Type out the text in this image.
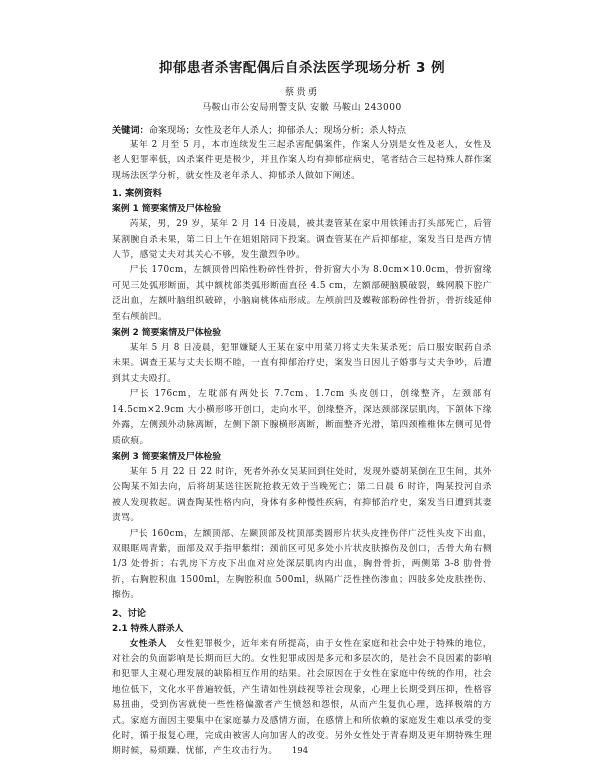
抑郁患者杀害配偶后自杀法医学现场分析 3 例
蔡贵勇
马鞍山市公安局刑警支队 安徽 马鞍山 243000

关键词：命案现场；女性及老年人杀人；抑郁杀人；现场分析；杀人特点

某年 2 月至 5 月，本市连续发生三起杀害配偶案件，作案人分别是女性及老人，女性及老人犯罪率低，凶杀案件更是极少，并且作案人均有抑郁症病史，笔者结合三起特殊人群作案现场法医学分析，就女性及老年杀人、抑郁杀人做如下阐述。

1. 案例资料
案例 1 简要案情及尸体检验

芮某，男，29 岁，某年 2 月 14 日凌晨，被其妻管某在家中用铁锤击打头部死亡，后管某割腕自杀未果，第二日上午在姐姐陪同下投案。调查管某在产后抑郁症，案发当日是西方情人节，感觉丈夫对其关心不够，发生激烈争吵。

尸长 170cm，左额顶骨凹陷性粉碎性骨折，骨折窗大小为 8.0cm×10.0cm，骨折窗缘可见三处弧形断面，其中额枕部类弧形断面直径 4.5 cm，左额部硬脑膜破裂，蛛网膜下腔广泛出血，左额叶脑组织破碎，小脑扁桃体疝形成。左颅前凹及蝶鞍部粉碎性骨折，骨折线延伸至右颅前凹。

案例 2 简要案情及尸体检验

某年 5 月 8 日凌晨，犯罪嫌疑人王某在家中用菜刀将丈夫朱某杀死；后口服安眠药自杀未果。调查王某与丈夫长期不睦，一直有抑郁治疗史，案发当日因儿子婚事与丈夫争吵，后遭到其丈夫殴打。

尸长 176cm，左耽部有两处长 7.7cm、1.7cm 头皮创口，创缘整齐，左颈部有 14.5cm×2.9cm 大小横形哆开创口，走向水平，创缘整齐，深达颈部深层肌肉，下颌体下缘外露，左侧颈外动脉离断，左侧下颌下腺横形离断，断面整齐光滑，第四颈椎椎体左侧可见骨质砍痕。

案例 3 简要案情及尸体检验

某年 5 月 22 日 22 时许，死者外孙女吴某回到住处时，发现外婆胡某倒在卫生间，其外公陶某不知去向，后将胡某送往医院抢救无效于当晚死亡；第二日晨 6 时许，陶某投河自杀被人发现救起。调查陶某性格内向，身体有多种慢性疾病，有抑郁治疗史，案发当日遭到其妻责骂。

尸长 160cm，左额顶部、左颞顶部及枕顶部类圆形片状头皮挫伤伴广泛性头皮下出血，双眼眶周青紫，面部及双手指甲紫绀；颈前区可见多处小片状皮肤擦伤及创口，舌骨大角右侧 1/3 处骨折；右乳房下方皮下出血对应处深层肌肉内出血，胸骨骨折，两侧第 3-8 肋骨骨折，右胸腔积血 1500ml，左胸腔积血 500ml，纵隔广泛性挫伤渗血；四肢多处皮肤挫伤、擦伤。

2、讨论
2.1 特殊人群杀人

女性杀人　 女性犯罪极少，近年来有所提高，由于女性在家庭和社会中处于特殊的地位，对社会的负面影响是长期而巨大的。女性犯罪成因是多元和多层次的，是社会不良因素的影响和犯罪人主观心理发展的缺陷相互作用的结果。社会原因在于女性在家庭中传统的作用，社会地位低下，文化水平普遍较低，产生请如性别歧视等社会现象，心理上长期受到压抑，性格容易扭曲，受到伤害就使一些性格偏激者产生愤怒和怨恨，从而产生复仇心理，选择极端的方式。家庭方面因主要集中在家庭暴力及感情方面，在感情上和所依赖的家庭发生难以承受的变化时，循于报复心理，完成由被害人向加害人的改变。另外女性处于青春期及更年期特殊生理期时候，易烦躁、忧郁，产生攻击行为。	194
